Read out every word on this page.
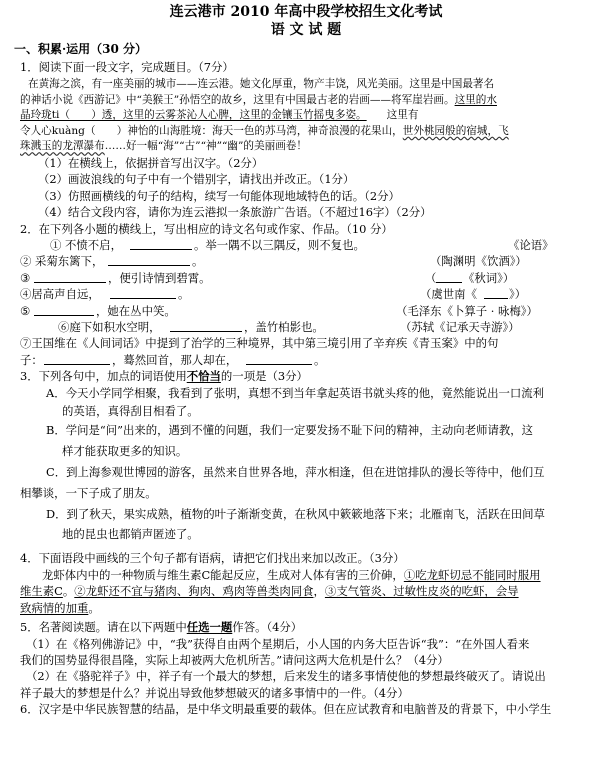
连云港市 2010 年高中段学校招生文化考试
语 文 试 题
一、积累·运用（30 分）
1．阅读下面一段文字，完成题目。（7分）
在黄海之滨，有一座美丽的城市——连云港。她文化厚重，物产丰饶，风光美丽。这里是中国最著名
的神话小说《西游记》中“美猴王”孙悟空的故乡，这里有中国最古老的岩画——将军崖岩画。这里的水
晶玲珑ti（　　）透，这里的云雾茶沁人心脾，这里的金镶玉竹摇曳多姿。 这里有
令人心kuàng（　　）神怡的山海胜境：海天一色的苏马湾，神奇浪漫的花果山，世外桃园般的宿城，飞
珠溅玉的龙潭瀑布……好一幅“海”“古”“神”“幽”的美丽画卷！
（1）在横线上，依据拼音写出汉字。（2分）
（2）画波浪线的句子中有一个错别字，请找出并改正。（1分）
（3）仿照画横线的句子的结构，续写一句能体现地域特色的话。（2分）
（4）结合文段内容，请你为连云港拟一条旅游广告语。（不超过16字）（2分）
2．在下列各小题的横线上，写出相应的诗文名句或作家、作品。（10 分）
① 不愤不启，	。举一隅不以三隅反，则不复也。	《论语》
② 采菊东篱下，	。	（陶渊明《饮酒》）
③	，便引诗情到碧霄。	（ 《秋词》）
④居高声自远，	。	（虞世南《	》）
⑤	，她在丛中笑。	（毛泽东《卜算子 · 咏梅》）
⑥庭下如积水空明，	，盖竹柏影也。	（苏轼《记承天寺游》）
⑦王国维在《人间词话》中提到了治学的三种境界，其中第三境引用了辛弃疾《青玉案》中的句
子：	，蓦然回首，那人却在，	。
3．下列各句中，加点的词语使用不恰当的一项是（3分）
A．今天小学同学相聚，我看到了张明，真想不到当年拿起英语书就头疼的他，竟然能说出一口流利
的英语，真得刮目相看了。
B．学问是“问”出来的，遇到不懂的问题，我们一定要发扬不耻下问的精神，主动向老师请教，这
样才能获取更多的知识。
C．到上海参观世博园的游客，虽然来自世界各地，萍水相逢，但在进馆排队的漫长等待中，他们互
相攀谈，一下子成了朋友。
D．到了秋天，果实成熟，植物的叶子渐渐变黄，在秋风中簌簌地落下来；北雁南飞，活跃在田间草
地的昆虫也都销声匿迹了。
4．下面语段中画线的三个句子都有语病，请把它们找出来加以改正。（3分）
龙虾体内中的一种物质与维生素C能起反应，生成对人体有害的三价砷，①吃龙虾切忌不能同时服用
维生素C。②龙虾还不宜与猪肉、狗肉、鸡肉等兽类肉同食，③支气管炎、过敏性皮炎的吃虾，会导
致病情的加重。
5．名著阅读题。请在以下两题中任选一题作答。（4分）
（1）在《格列佛游记》中，“我”获得自由两个星期后，小人国的内务大臣告诉“我”：“在外国人看来
我们的国势显得很昌隆，实际上却被两大危机所苦。”请问这两大危机是什么？（4分）
（2）在《骆驼祥子》中，祥子有一个最大的梦想，后来发生的诸多事情使他的梦想最终破灭了。请说出
祥子最大的梦想是什么？并说出导致他梦想破灭的诸多事情中的一件。（4分）
6．汉字是中华民族智慧的结晶，是中华文明最重要的载体。但在应试教育和电脑普及的背景下，中小学生
